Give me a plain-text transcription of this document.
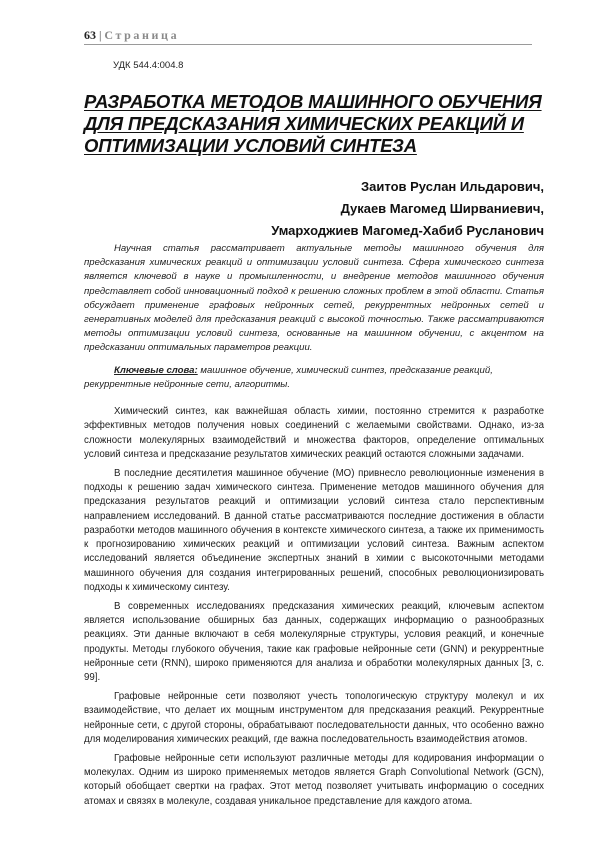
63 | Страница
УДК 544.4:004.8
РАЗРАБОТКА МЕТОДОВ МАШИННОГО ОБУЧЕНИЯ
ДЛЯ ПРЕДСКАЗАНИЯ ХИМИЧЕСКИХ РЕАКЦИЙ И
ОПТИМИЗАЦИИ УСЛОВИЙ СИНТЕЗА
Заитов Руслан Ильдарович,
Дукаев Магомед Ширваниевич,
Умарходжиев Магомед-Хабиб Русланович
Научная статья рассматривает актуальные методы машинного обучения для предсказания химических реакций и оптимизации условий синтеза. Сфера химического синтеза является ключевой в науке и промышленности, и внедрение методов машинного обучения представляет собой инновационный подход к решению сложных проблем в этой области. Статья обсуждает применение графовых нейронных сетей, рекуррентных нейронных сетей и генеративных моделей для предсказания реакций с высокой точностью. Также рассматриваются методы оптимизации условий синтеза, основанные на машинном обучении, с акцентом на предсказании оптимальных параметров реакции.
Ключевые слова: машинное обучение, химический синтез, предсказание реакций, рекуррентные нейронные сети, алгоритмы.

Химический синтез, как важнейшая область химии, постоянно стремится к разработке эффективных методов получения новых соединений с желаемыми свойствами. Однако, из-за сложности молекулярных взаимодействий и множества факторов, определение оптимальных условий синтеза и предсказание результатов химических реакций остаются сложными задачами.

В последние десятилетия машинное обучение (МО) привнесло революционные изменения в подходы к решению задач химического синтеза. Применение методов машинного обучения для предсказания результатов реакций и оптимизации условий синтеза стало перспективным направлением исследований. В данной статье рассматриваются последние достижения в области разработки методов машинного обучения в контексте химического синтеза, а также их применимость к прогнозированию химических реакций и оптимизации условий синтеза. Важным аспектом исследований является объединение экспертных знаний в химии с высокоточными методами машинного обучения для создания интегрированных решений, способных революционизировать подходы к химическому синтезу.

В современных исследованиях предсказания химических реакций, ключевым аспектом является использование обширных баз данных, содержащих информацию о разнообразных реакциях. Эти данные включают в себя молекулярные структуры, условия реакций, и конечные продукты. Методы глубокого обучения, такие как графовые нейронные сети (GNN) и рекуррентные нейронные сети (RNN), широко применяются для анализа и обработки молекулярных данных [3, с. 99].

Графовые нейронные сети позволяют учесть топологическую структуру молекул и их взаимодействие, что делает их мощным инструментом для предсказания реакций. Рекуррентные нейронные сети, с другой стороны, обрабатывают последовательности данных, что особенно важно для моделирования химических реакций, где важна последовательность взаимодействия атомов.

Графовые нейронные сети используют различные методы для кодирования информации о молекулах. Одним из широко применяемых методов является Graph Convolutional Network (GCN), который обобщает свертки на графах. Этот метод позволяет учитывать информацию о соседних атомах и связях в молекуле, создавая уникальное представление для каждого атома.
